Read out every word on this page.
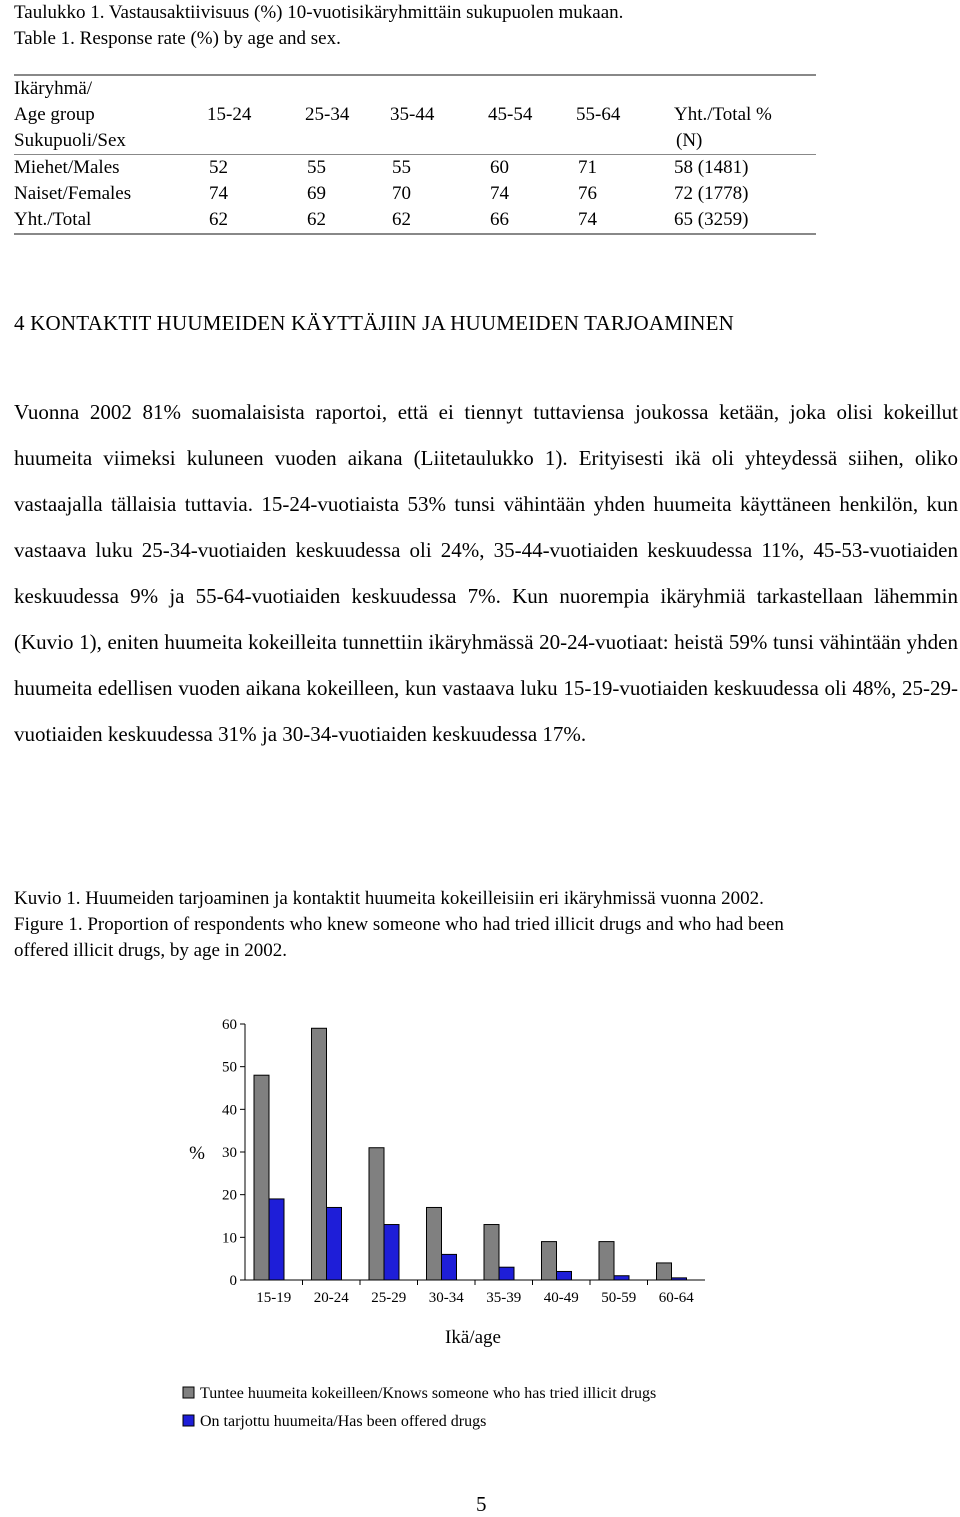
Taulukko 1. Vastausaktiivisuus (%) 10-vuotisikäryhmittäin sukupuolen mukaan.
Table 1. Response rate (%) by age and sex.
Ikäryhmä/						
Age group	15-24	25-34	35-44	45-54	55-64	Yht./Total %
Sukupuoli/Sex						(N)
Miehet/Males	52	55	55	60	71	58 (1481)
Naiset/Females	74	69	70	74	76	72 (1778)
Yht./Total	62	62	62	66	74	65 (3259)
4 KONTAKTIT HUUMEIDEN KÄYTTÄJIIN JA HUUMEIDEN TARJOAMINEN

Vuonna 2002 81% suomalaisista raportoi, että ei tiennyt tuttaviensa joukossa ketään, joka olisi kokeillut huumeita viimeksi kuluneen vuoden aikana (Liitetaulukko 1). Erityisesti ikä oli yhteydessä siihen, oliko vastaajalla tällaisia tuttavia. 15-24-vuotiaista 53% tunsi vähintään yhden huumeita käyttäneen henkilön, kun vastaava luku 25-34-vuotiaiden keskuudessa oli 24%, 35-44-vuotiaiden keskuudessa 11%, 45-53-vuotiaiden keskuudessa 9% ja 55-64-vuotiaiden keskuudessa 7%. Kun nuorempia ikäryhmiä tarkastellaan lähemmin (Kuvio 1), eniten huumeita kokeilleita tunnettiin ikäryhmässä 20-24-vuotiaat: heistä 59% tunsi vähintään yhden huumeita edellisen vuoden aikana kokeilleen, kun vastaava luku 15-19-vuotiaiden keskuudessa oli 48%, 25-29-vuotiaiden keskuudessa 31% ja 30-34-vuotiaiden keskuudessa 17%.

Kuvio 1. Huumeiden tarjoaminen ja kontaktit huumeita kokeilleisiin eri ikäryhmissä vuonna 2002.
Figure 1. Proportion of respondents who knew someone who had tried illicit drugs and who had been
offered illicit drugs, by age in 2002.
0
10
20
30
40
50
60
%
Ikä/age
15-19 20-24 25-29 30-34 35-39 40-49 50-59 60-64
Tuntee huumeita kokeilleen/Knows someone who has tried illicit drugs
On tarjottu huumeita/Has been offered drugs
5
